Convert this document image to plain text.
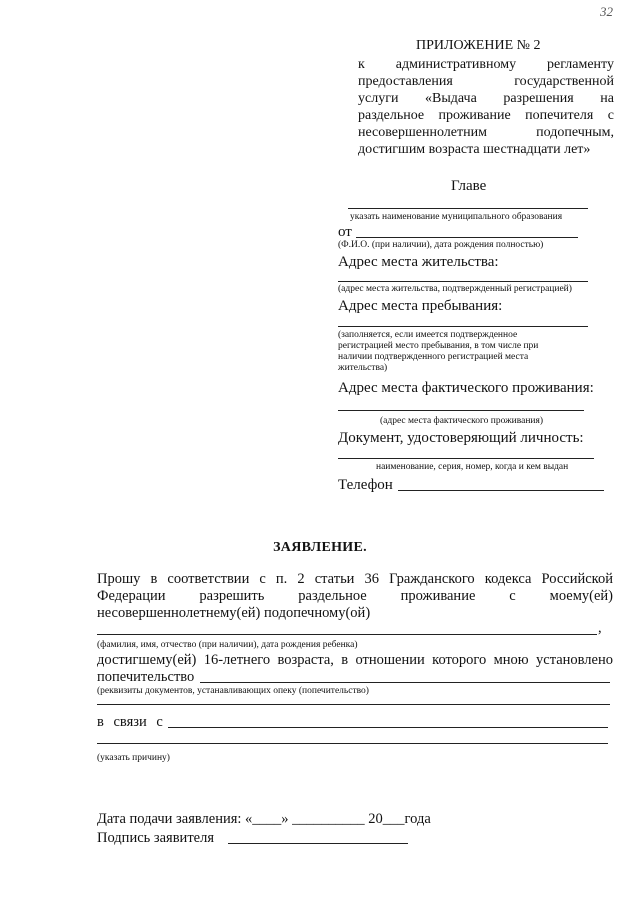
32
ПРИЛОЖЕНИЕ № 2
к административному регламенту
предоставления государственной
услуги «Выдача разрешения на
раздельное проживание попечителя с
несовершеннолетним подопечным,
достигшим возраста шестнадцати лет»
Главе
указать наименование муниципального образования
от
(Ф.И.О. (при наличии), дата рождения полностью)
Адрес места жительства:
(адрес места жительства, подтвержденный регистрацией)
Адрес места пребывания:
(заполняется, если имеется подтвержденное
регистрацией место пребывания, в том числе при
наличии подтвержденного регистрацией места
жительства)
Адрес места фактического проживания:
(адрес места фактического проживания)
Документ, удостоверяющий личность:
наименование, серия, номер, когда и кем выдан
Телефон
ЗАЯВЛЕНИЕ.
Прошу в соответствии с п. 2 статьи 36 Гражданского кодекса Российской
Федерации разрешить раздельное проживание с моему(ей)
несовершеннолетнему(ей) подопечному(ой)
,
(фамилия, имя, отчество (при наличии), дата рождения ребенка)
достигшему(ей) 16-летнего возраста, в отношении которого мною установлено
попечительство
(реквизиты документов, устанавливающих опеку (попечительство)
в связи с
(указать причину)
Дата подачи заявления: «____» __________ 20___года
Подпись заявителя
